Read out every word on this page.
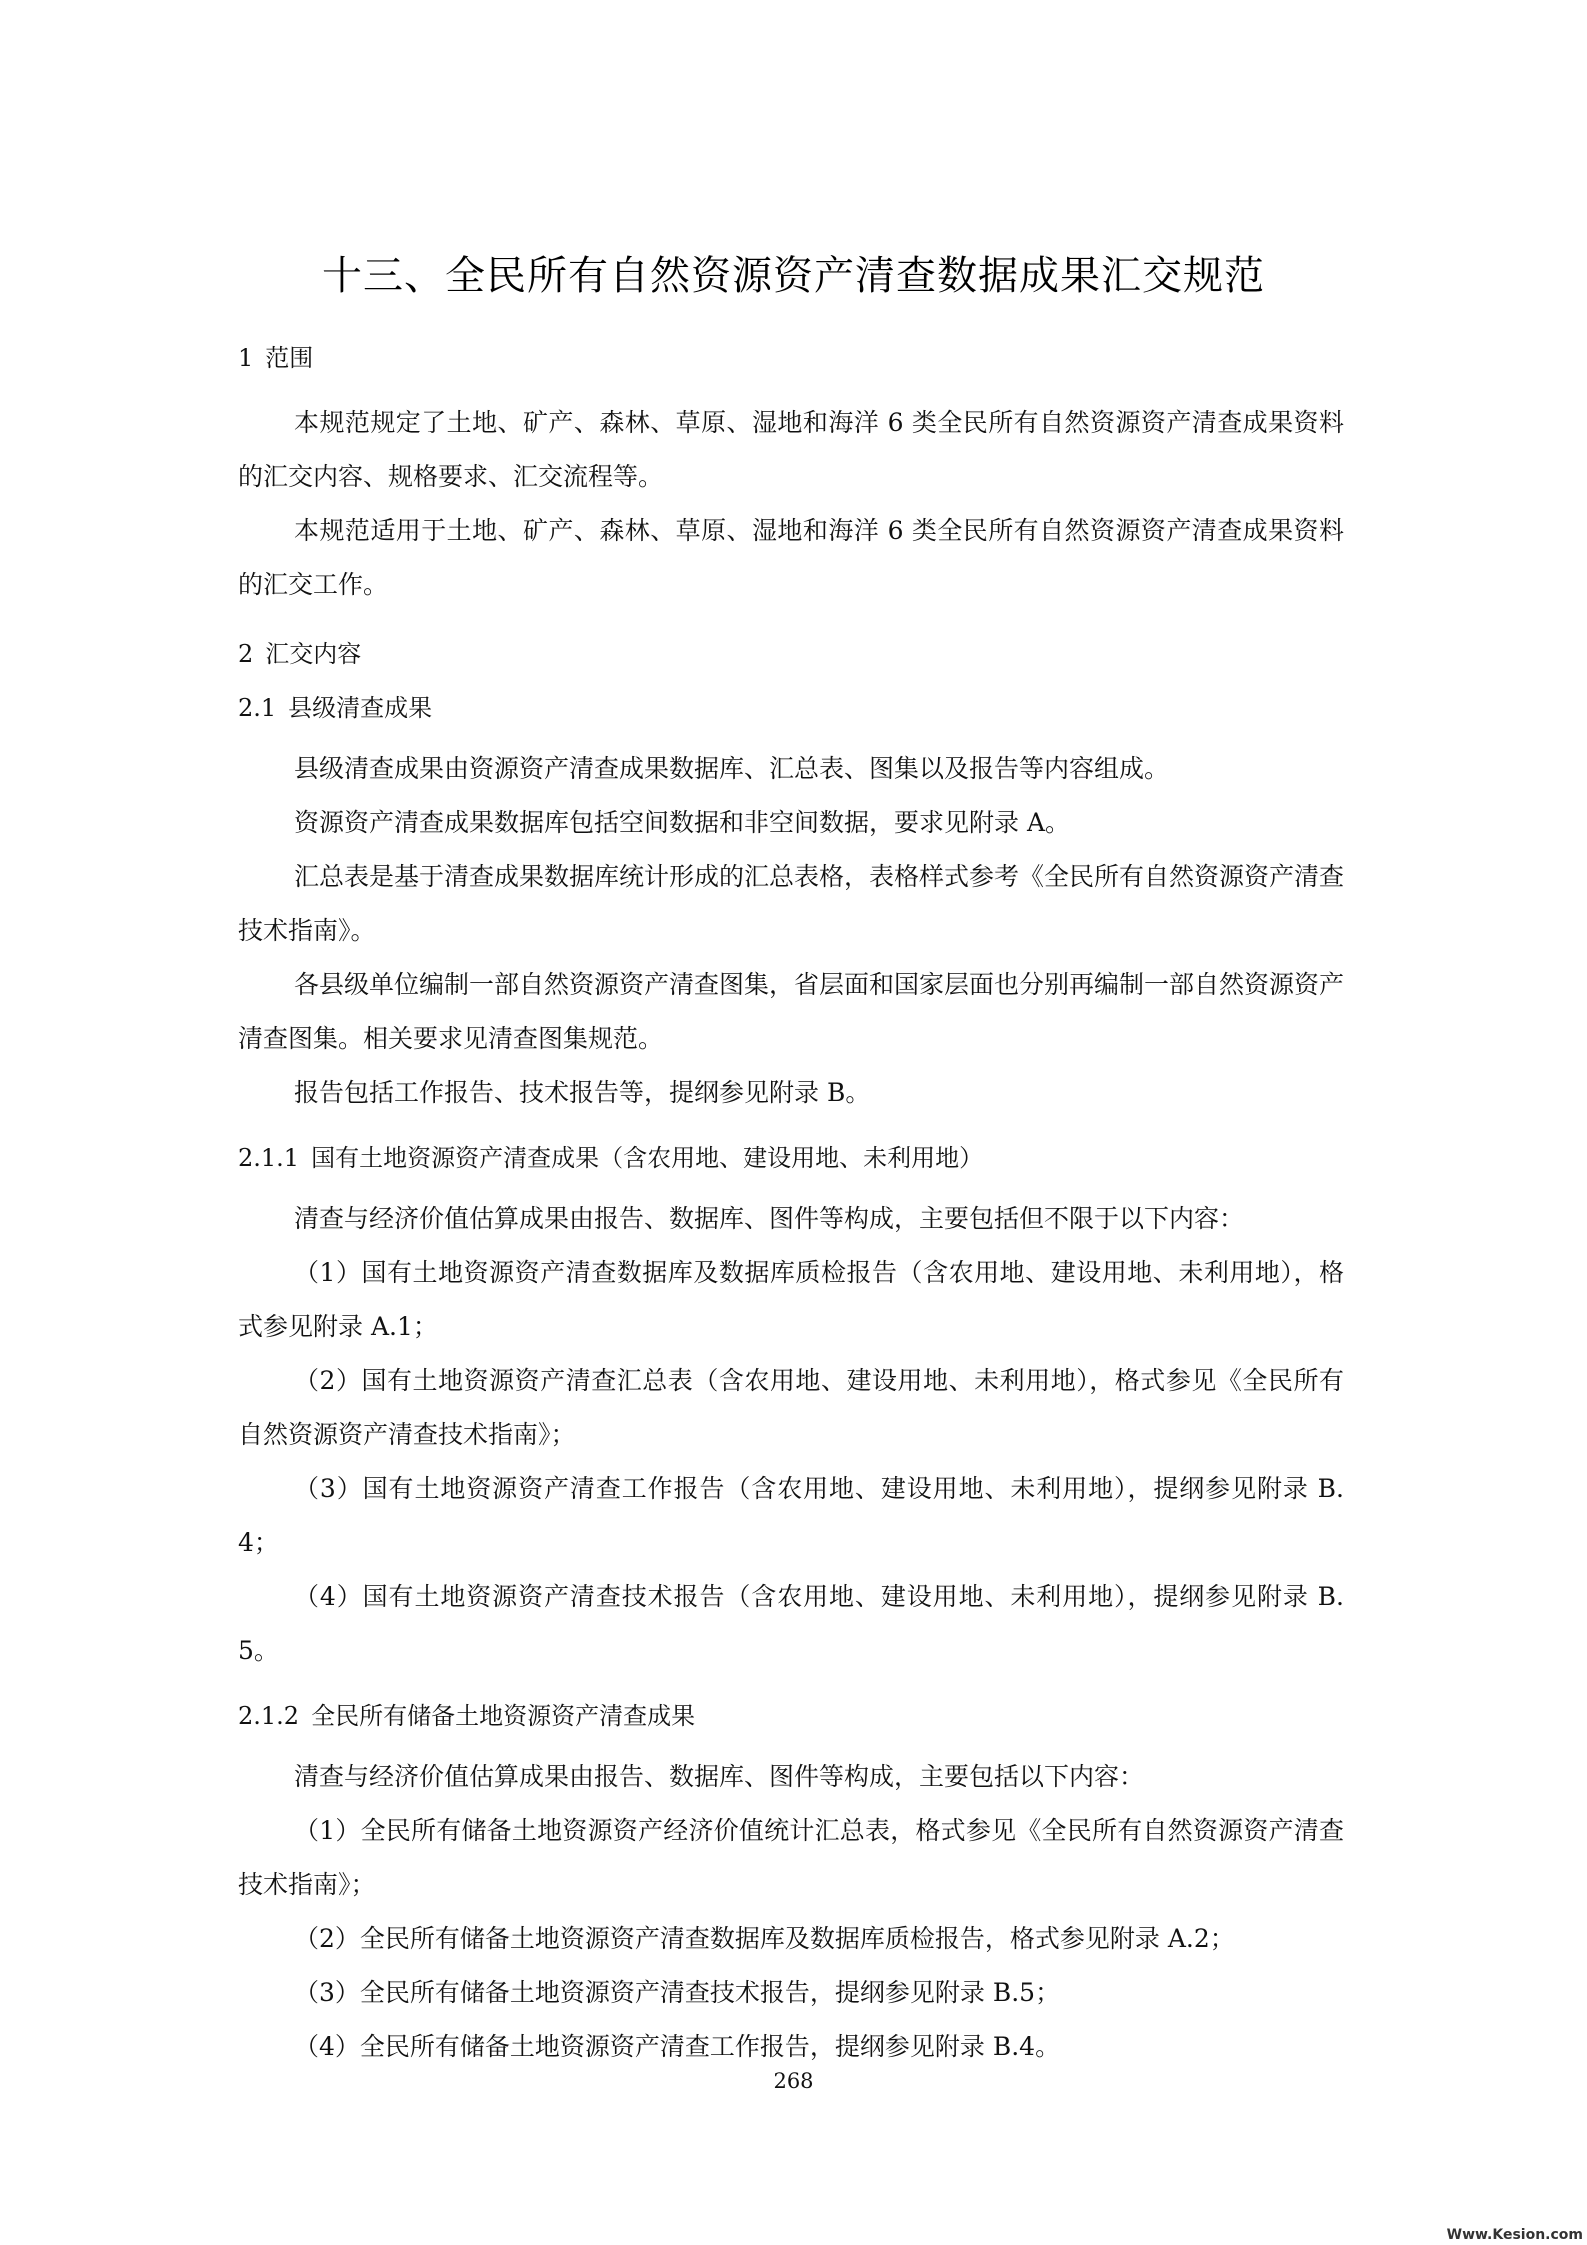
十三、全民所有自然资源资产清查数据成果汇交规范
1 范围

本规范规定了土地、矿产、森林、草原、湿地和海洋 6 类全民所有自然资源资产清查成果资料的汇交内容、规格要求、汇交流程等。

本规范适用于土地、矿产、森林、草原、湿地和海洋 6 类全民所有自然资源资产清查成果资料的汇交工作。

2 汇交内容
2.1 县级清查成果

县级清查成果由资源资产清查成果数据库、汇总表、图集以及报告等内容组成。

资源资产清查成果数据库包括空间数据和非空间数据，要求见附录 A。

汇总表是基于清查成果数据库统计形成的汇总表格，表格样式参考《全民所有自然资源资产清查技术指南》。

各县级单位编制一部自然资源资产清查图集，省层面和国家层面也分别再编制一部自然资源资产清查图集。相关要求见清查图集规范。

报告包括工作报告、技术报告等，提纲参见附录 B。

2.1.1 国有土地资源资产清查成果（含农用地、建设用地、未利用地）

清查与经济价值估算成果由报告、数据库、图件等构成，主要包括但不限于以下内容：

（1）国有土地资源资产清查数据库及数据库质检报告（含农用地、建设用地、未利用地），格式参见附录 A.1；

（2）国有土地资源资产清查汇总表（含农用地、建设用地、未利用地），格式参见《全民所有自然资源资产清查技术指南》；

（3）国有土地资源资产清查工作报告（含农用地、建设用地、未利用地），提纲参见附录 B.4；

（4）国有土地资源资产清查技术报告（含农用地、建设用地、未利用地），提纲参见附录 B.5。

2.1.2 全民所有储备土地资源资产清查成果

清查与经济价值估算成果由报告、数据库、图件等构成，主要包括以下内容：

（1）全民所有储备土地资源资产经济价值统计汇总表，格式参见《全民所有自然资源资产清查技术指南》；

（2）全民所有储备土地资源资产清查数据库及数据库质检报告，格式参见附录 A.2；

（3）全民所有储备土地资源资产清查技术报告，提纲参见附录 B.5；

（4）全民所有储备土地资源资产清查工作报告，提纲参见附录 B.4。

268
Www.Kesion.com
